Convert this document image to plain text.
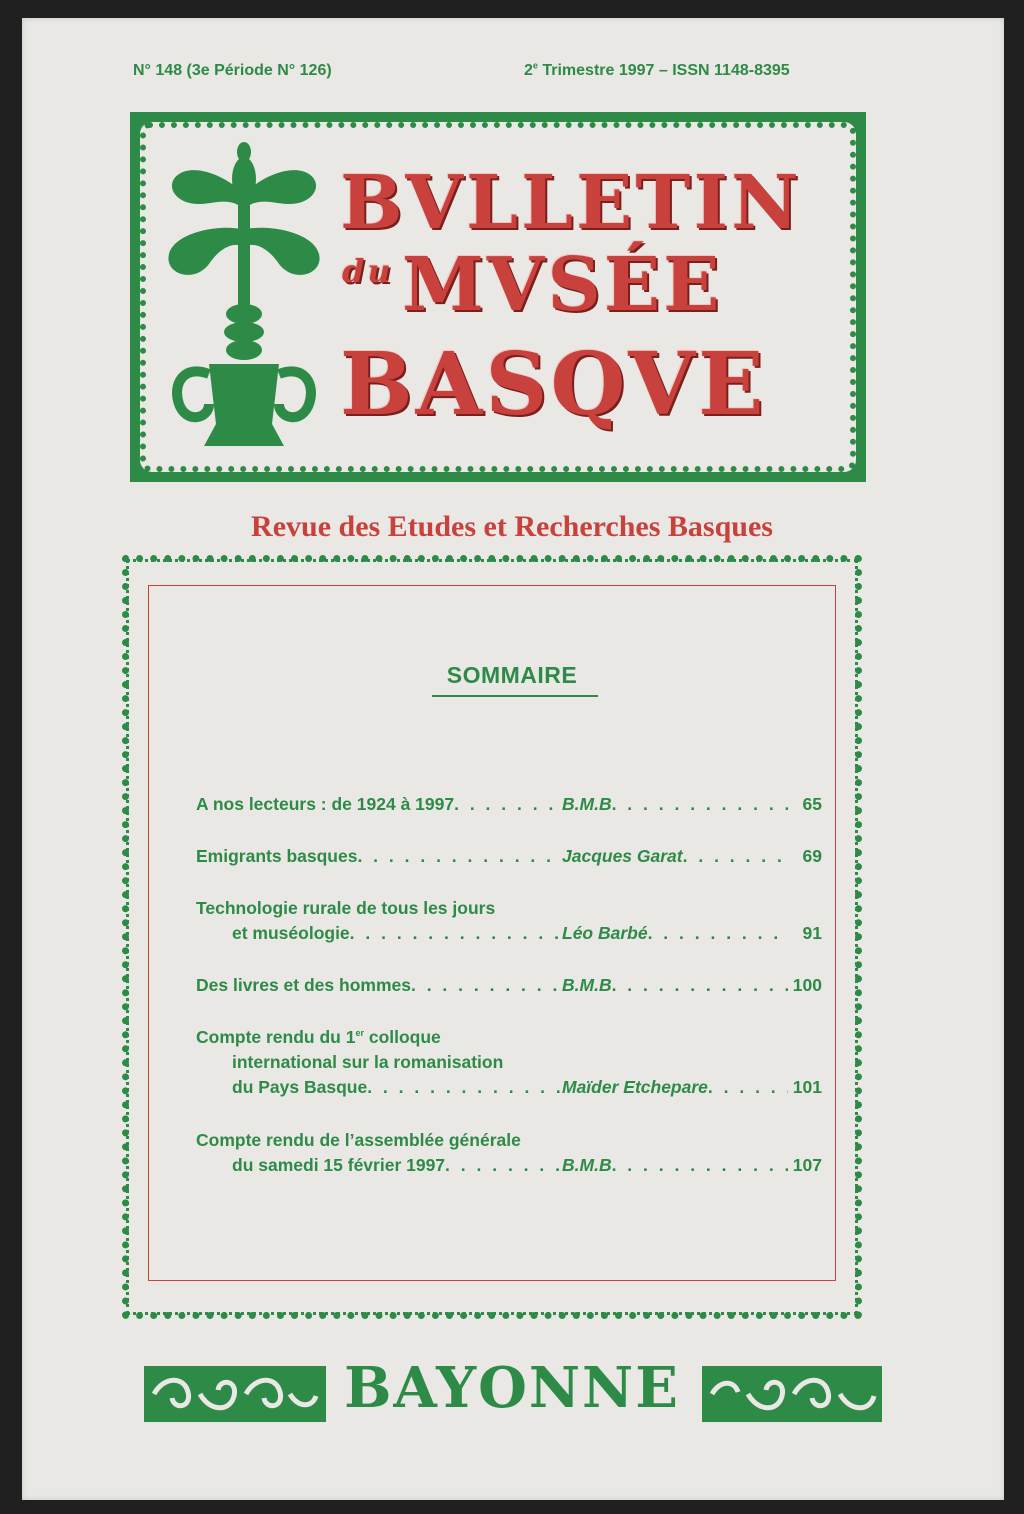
N° 148 (3e Période N° 126)	2e Trimestre 1997 – ISSN 1148-8395
BVLLETIN
du MVSÉE
BASQVE
Revue des Etudes et Recherches Basques
SOMMAIRE
A nos lecteurs : de 1924 à 1997 . . .	B.M.B . . .	65
Emigrants basques . . .	Jacques Garat . . .	69
Technologie rurale de tous les jours
et muséologie . . .	Léo Barbé . . .	91
Des livres et des hommes . . .	B.M.B . . .	100
Compte rendu du 1er colloque
international sur la romanisation
du Pays Basque . . .	Maïder Etchepare . . .	101
Compte rendu de l’assemblée générale
du samedi 15 février 1997 . . .	B.M.B . . .	107
BAYONNE
